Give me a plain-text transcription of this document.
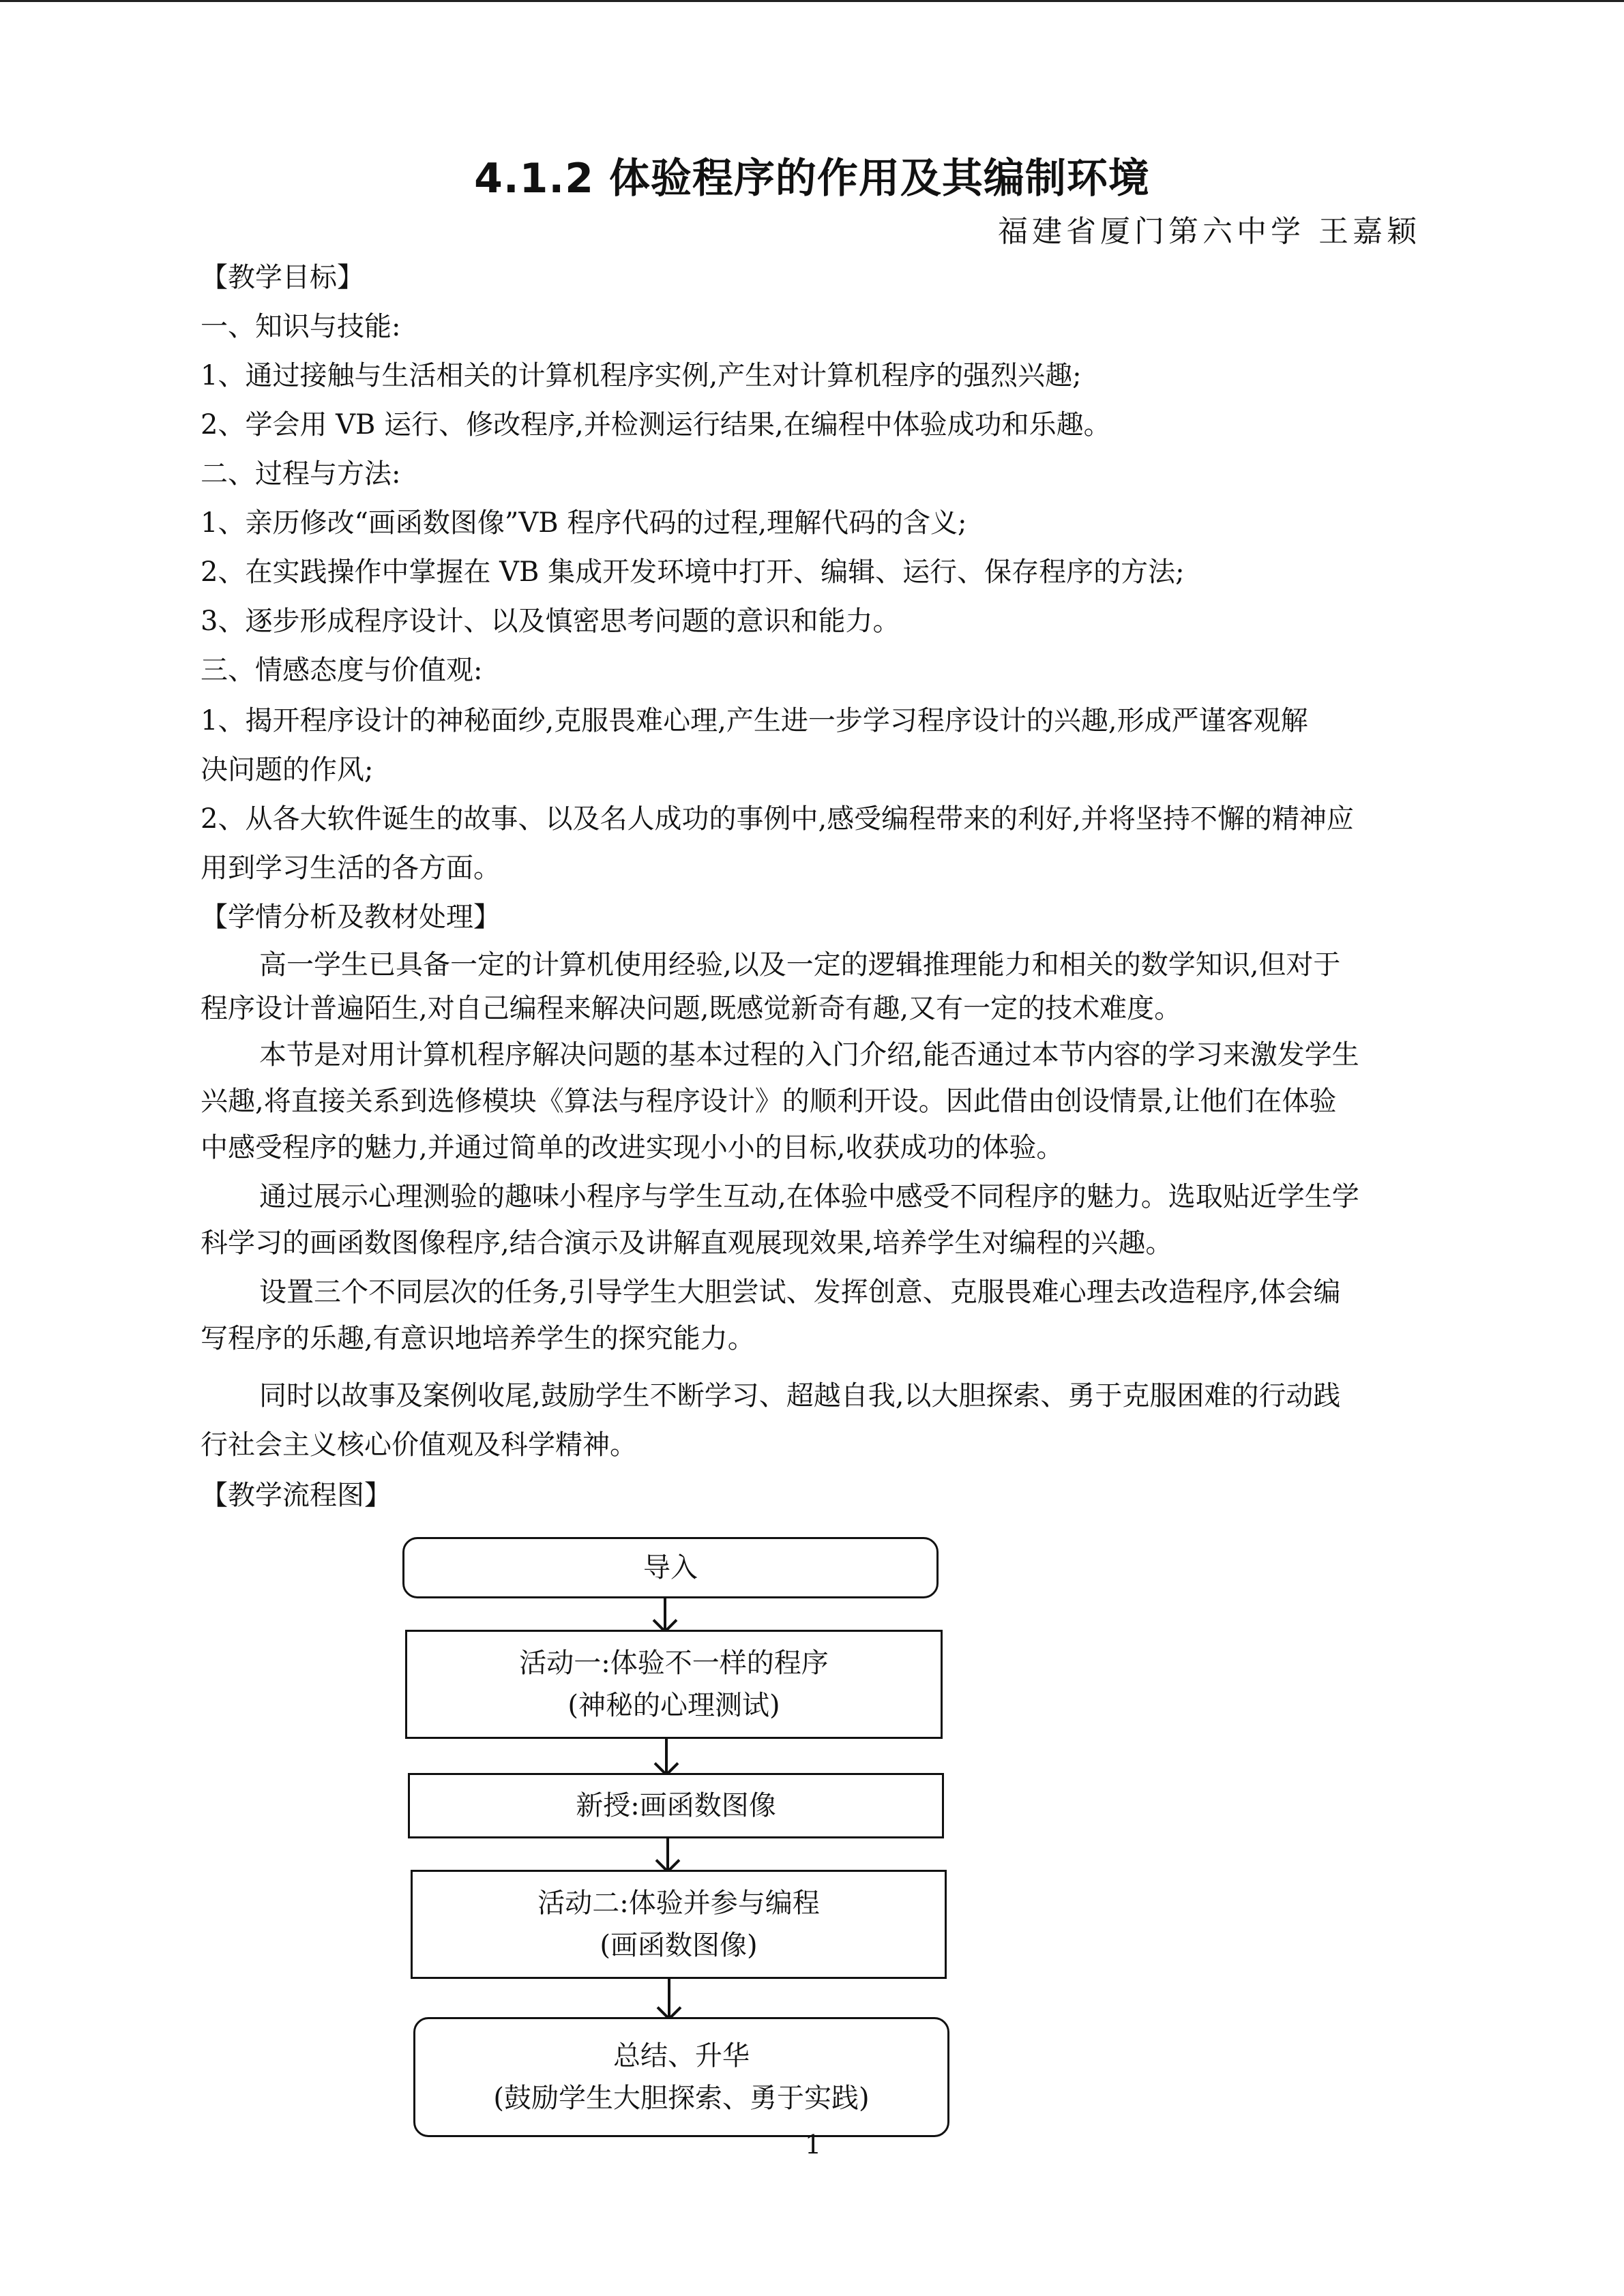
4.1.2 体验程序的作用及其编制环境
福建省厦门第六中学 王嘉颖
【教学目标】
一、知识与技能:
1、通过接触与生活相关的计算机程序实例,产生对计算机程序的强烈兴趣;
2、学会用 VB 运行、修改程序,并检测运行结果,在编程中体验成功和乐趣。
二、过程与方法:
1、亲历修改“画函数图像”VB 程序代码的过程,理解代码的含义;
2、在实践操作中掌握在 VB 集成开发环境中打开、编辑、运行、保存程序的方法;
3、逐步形成程序设计、以及慎密思考问题的意识和能力。
三、情感态度与价值观:
1、揭开程序设计的神秘面纱,克服畏难心理,产生进一步学习程序设计的兴趣,形成严谨客观解
决问题的作风;
2、从各大软件诞生的故事、以及名人成功的事例中,感受编程带来的利好,并将坚持不懈的精神应
用到学习生活的各方面。
【学情分析及教材处理】
高一学生已具备一定的计算机使用经验,以及一定的逻辑推理能力和相关的数学知识,但对于
程序设计普遍陌生,对自己编程来解决问题,既感觉新奇有趣,又有一定的技术难度。
本节是对用计算机程序解决问题的基本过程的入门介绍,能否通过本节内容的学习来激发学生
兴趣,将直接关系到选修模块《算法与程序设计》的顺利开设。因此借由创设情景,让他们在体验
中感受程序的魅力,并通过简单的改进实现小小的目标,收获成功的体验。
通过展示心理测验的趣味小程序与学生互动,在体验中感受不同程序的魅力。选取贴近学生学
科学习的画函数图像程序,结合演示及讲解直观展现效果,培养学生对编程的兴趣。
设置三个不同层次的任务,引导学生大胆尝试、发挥创意、克服畏难心理去改造程序,体会编
写程序的乐趣,有意识地培养学生的探究能力。
同时以故事及案例收尾,鼓励学生不断学习、超越自我,以大胆探索、勇于克服困难的行动践
行社会主义核心价值观及科学精神。
【教学流程图】
导入
活动一:体验不一样的程序
(神秘的心理测试)
新授:画函数图像
活动二:体验并参与编程
(画函数图像)
总结、升华
(鼓励学生大胆探索、勇于实践)
1
